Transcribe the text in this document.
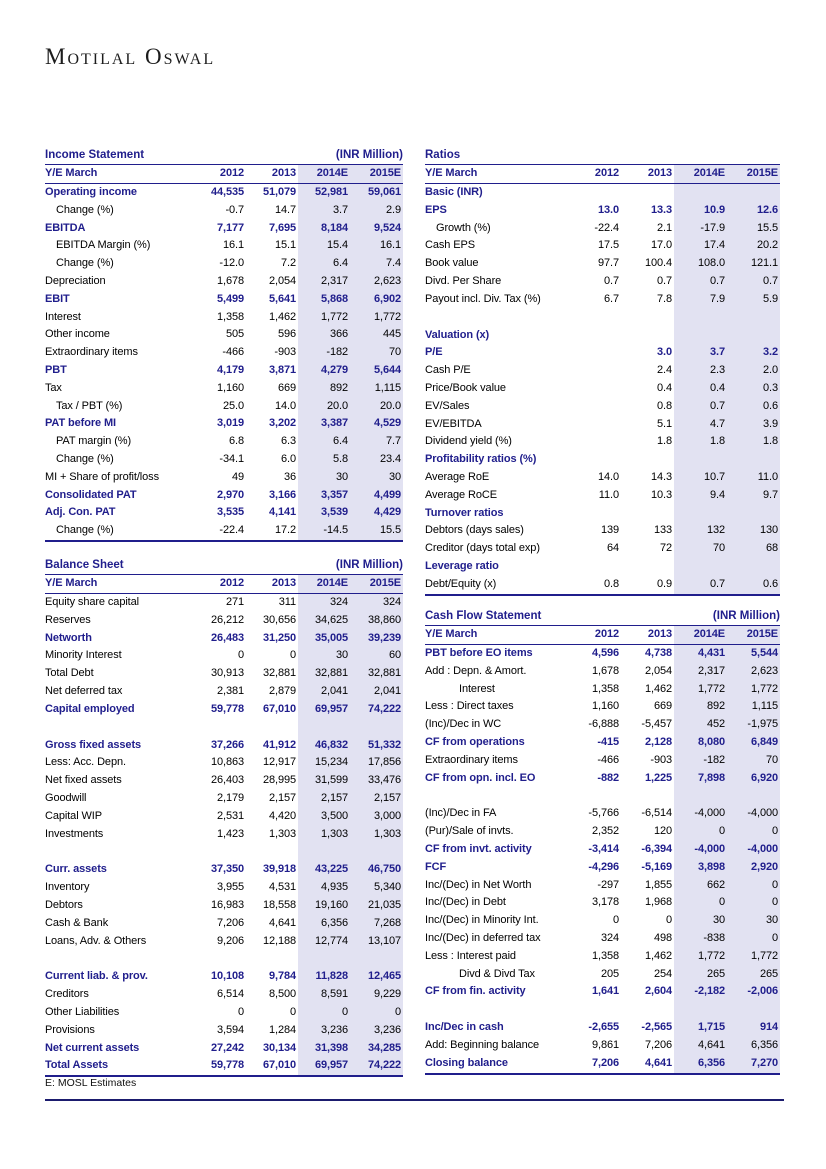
Motilal Oswal
Income Statement	(INR Million)
Y/E March	2012	2013	2014E	2015E
Operating income	44,535	51,079	52,981	59,061
Change (%)	-0.7	14.7	3.7	2.9
EBITDA	7,177	7,695	8,184	9,524
EBITDA Margin (%)	16.1	15.1	15.4	16.1
Change (%)	-12.0	7.2	6.4	7.4
Depreciation	1,678	2,054	2,317	2,623
EBIT	5,499	5,641	5,868	6,902
Interest	1,358	1,462	1,772	1,772
Other income	505	596	366	445
Extraordinary items	-466	-903	-182	70
PBT	4,179	3,871	4,279	5,644
Tax	1,160	669	892	1,115
Tax / PBT (%)	25.0	14.0	20.0	20.0
PAT before MI	3,019	3,202	3,387	4,529
PAT margin (%)	6.8	6.3	6.4	7.7
Change (%)	-34.1	6.0	5.8	23.4
MI + Share of profit/loss	49	36	30	30
Consolidated PAT	2,970	3,166	3,357	4,499
Adj. Con. PAT	3,535	4,141	3,539	4,429
Change (%)	-22.4	17.2	-14.5	15.5
Ratios
Y/E March	2012	2013	2014E	2015E
Basic (INR)				
EPS	13.0	13.3	10.9	12.6
Growth (%)	-22.4	2.1	-17.9	15.5
Cash EPS	17.5	17.0	17.4	20.2
Book value	97.7	100.4	108.0	121.1
Divd. Per Share	0.7	0.7	0.7	0.7
Payout incl. Div. Tax (%)	6.7	7.8	7.9	5.9

Valuation (x)				
P/E		3.0	3.7	3.2
Cash P/E		2.4	2.3	2.0
Price/Book value		0.4	0.4	0.3
EV/Sales		0.8	0.7	0.6
EV/EBITDA		5.1	4.7	3.9
Dividend yield (%)		1.8	1.8	1.8
Profitability ratios (%)				
Average RoE	14.0	14.3	10.7	11.0
Average RoCE	11.0	10.3	9.4	9.7
Turnover ratios				
Debtors (days sales)	139	133	132	130
Creditor (days total exp)	64	72	70	68
Leverage ratio				
Debt/Equity (x)	0.8	0.9	0.7	0.6
Balance Sheet	(INR Million)
Y/E March	2012	2013	2014E	2015E
Equity share capital	271	311	324	324
Reserves	26,212	30,656	34,625	38,860
Networth	26,483	31,250	35,005	39,239
Minority Interest	0	0	30	60
Total Debt	30,913	32,881	32,881	32,881
Net deferred tax	2,381	2,879	2,041	2,041
Capital employed	59,778	67,010	69,957	74,222

Gross fixed assets	37,266	41,912	46,832	51,332
Less: Acc. Depn.	10,863	12,917	15,234	17,856
Net fixed assets	26,403	28,995	31,599	33,476
Goodwill	2,179	2,157	2,157	2,157
Capital WIP	2,531	4,420	3,500	3,000
Investments	1,423	1,303	1,303	1,303

Curr. assets	37,350	39,918	43,225	46,750
Inventory	3,955	4,531	4,935	5,340
Debtors	16,983	18,558	19,160	21,035
Cash & Bank	7,206	4,641	6,356	7,268
Loans, Adv. & Others	9,206	12,188	12,774	13,107

Current liab. & prov.	10,108	9,784	11,828	12,465
Creditors	6,514	8,500	8,591	9,229
Other Liabilities	0	0	0	0
Provisions	3,594	1,284	3,236	3,236
Net current assets	27,242	30,134	31,398	34,285
Total Assets	59,778	67,010	69,957	74,222
Cash Flow Statement	(INR Million)
Y/E March	2012	2013	2014E	2015E
PBT before EO items	4,596	4,738	4,431	5,544
Add : Depn. & Amort.	1,678	2,054	2,317	2,623
Interest	1,358	1,462	1,772	1,772
Less : Direct taxes	1,160	669	892	1,115
(Inc)/Dec in WC	-6,888	-5,457	452	-1,975
CF from operations	-415	2,128	8,080	6,849
Extraordinary items	-466	-903	-182	70
CF from opn. incl. EO	-882	1,225	7,898	6,920

(Inc)/Dec in FA	-5,766	-6,514	-4,000	-4,000
(Pur)/Sale of invts.	2,352	120	0	0
CF from invt. activity	-3,414	-6,394	-4,000	-4,000
FCF	-4,296	-5,169	3,898	2,920
Inc/(Dec) in Net Worth	-297	1,855	662	0
Inc/(Dec) in Debt	3,178	1,968	0	0
Inc/(Dec) in Minority Int.	0	0	30	30
Inc/(Dec) in deferred tax	324	498	-838	0
Less : Interest paid	1,358	1,462	1,772	1,772
Divd & Divd Tax	205	254	265	265
CF from fin. activity	1,641	2,604	-2,182	-2,006

Inc/Dec in cash	-2,655	-2,565	1,715	914
Add: Beginning balance	9,861	7,206	4,641	6,356
Closing balance	7,206	4,641	6,356	7,270
E: MOSL Estimates
